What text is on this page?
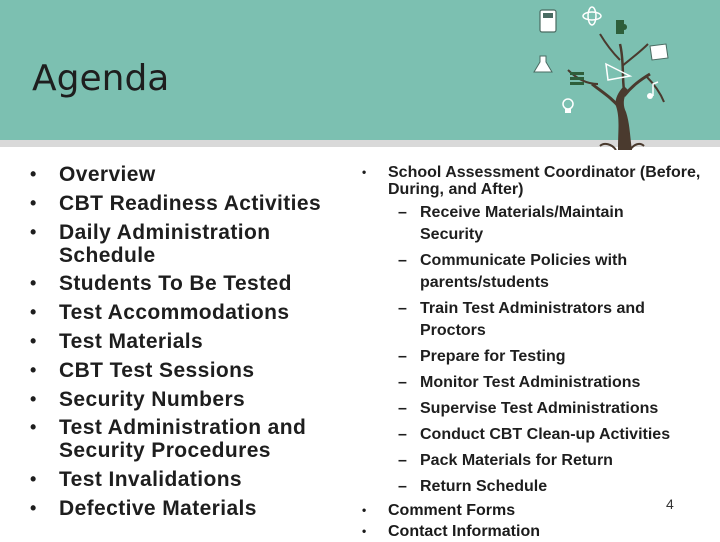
Agenda
• Overview
• CBT Readiness Activities
• Daily Administration Schedule
• Students To Be Tested
• Test Accommodations
• Test Materials
• CBT Test Sessions
• Security Numbers
• Test Administration and Security Procedures
• Test Invalidations
• Defective Materials
• School Assessment Coordinator (Before, During, and After)
– Receive Materials/Maintain Security
– Communicate Policies with parents/students
– Train Test Administrators and Proctors
– Prepare for Testing
– Monitor Test Administrations
– Supervise Test Administrations
– Conduct CBT Clean-up Activities
– Pack Materials for Return
– Return Schedule
• Comment Forms
• Contact Information
4
